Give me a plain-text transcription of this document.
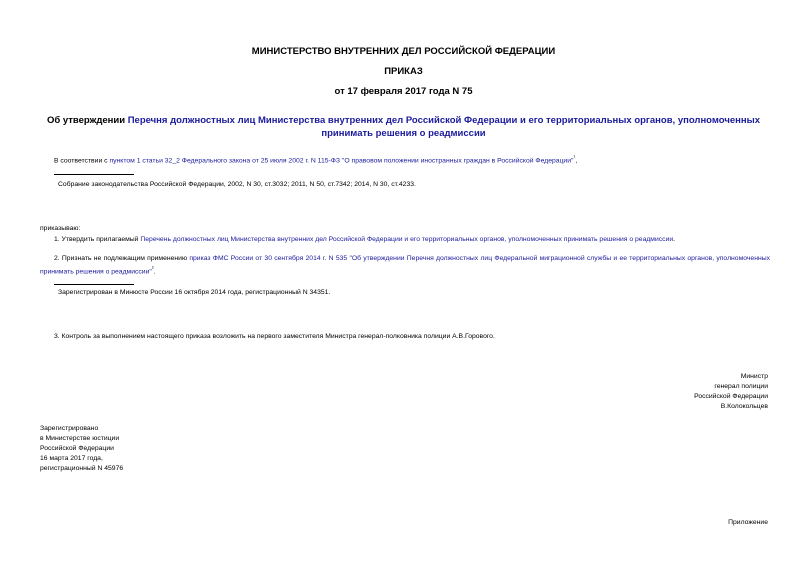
МИНИСТЕРСТВО ВНУТРЕННИХ ДЕЛ РОССИЙСКОЙ ФЕДЕРАЦИИ
ПРИКАЗ
от 17 февраля 2017 года N 75
Об утверждении Перечня должностных лиц Министерства внутренних дел Российской Федерации и его территориальных органов, уполномоченных принимать решения о реадмиссии
В соответствии с пунктом 1 статьи 32_2 Федерального закона от 25 июля 2002 г. N 115-ФЗ "О правовом положении иностранных граждан в Российской Федерации"$^{^1}$,
Собрание законодательства Российской Федерации, 2002, N 30, ст.3032; 2011, N 50, ст.7342; 2014, N 30, ст.4233.
приказываю:
1. Утвердить прилагаемый Перечень должностных лиц Министерства внутренних дел Российской Федерации и его территориальных органов, уполномоченных принимать решения о реадмиссии.
2. Признать не подлежащим применению приказ ФМС России от 30 сентября 2014 г. N 535 "Об утверждении Перечня должностных лиц Федеральной миграционной службы и ее территориальных органов, уполномоченных принимать решения о реадмиссии"$^{^2}$.
Зарегистрирован в Минюсте России 16 октября 2014 года, регистрационный N 34351.
3. Контроль за выполнением настоящего приказа возложить на первого заместителя Министра генерал-полковника полиции А.В.Горового.
Министр
генерал полиции
Российской Федерации
В.Колокольцев
Зарегистрировано
в Министерстве юстиции
Российской Федерации
16 марта 2017 года,
регистрационный N 45976
Приложение
